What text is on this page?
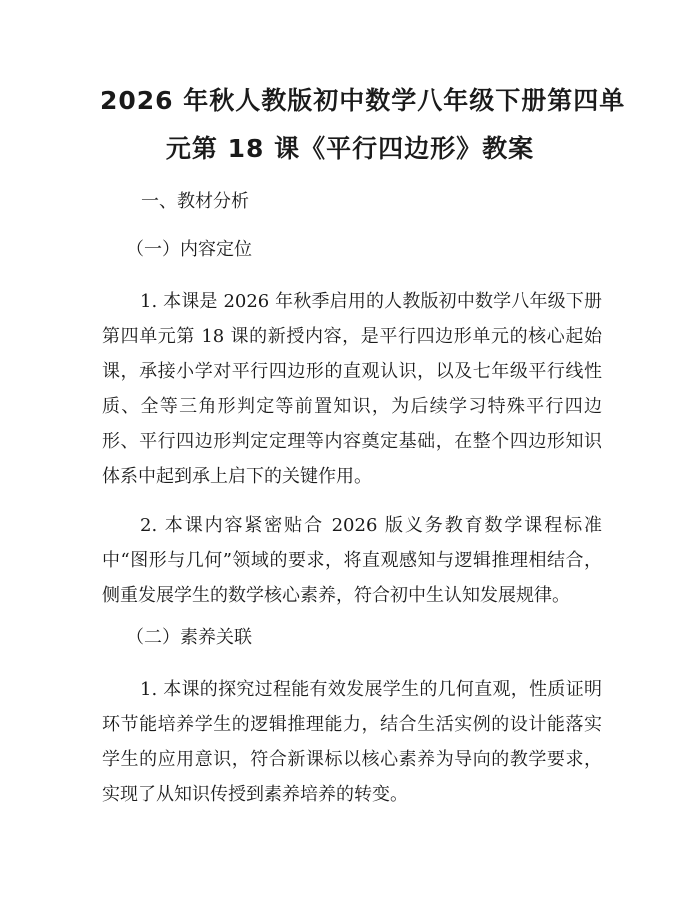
2026 年秋人教版初中数学八年级下册第四单
元第 18 课《平行四边形》教案
一、教材分析
（一）内容定位
1. 本课是 2026 年秋季启用的人教版初中数学八年级下册第四单元第 18 课的新授内容，是平行四边形单元的核心起始课，承接小学对平行四边形的直观认识，以及七年级平行线性质、全等三角形判定等前置知识，为后续学习特殊平行四边形、平行四边形判定定理等内容奠定基础，在整个四边形知识体系中起到承上启下的关键作用。
2. 本课内容紧密贴合 2026 版义务教育数学课程标准中“图形与几何”领域的要求，将直观感知与逻辑推理相结合，侧重发展学生的数学核心素养，符合初中生认知发展规律。
（二）素养关联
1. 本课的探究过程能有效发展学生的几何直观，性质证明环节能培养学生的逻辑推理能力，结合生活实例的设计能落实学生的应用意识，符合新课标以核心素养为导向的教学要求，实现了从知识传授到素养培养的转变。
